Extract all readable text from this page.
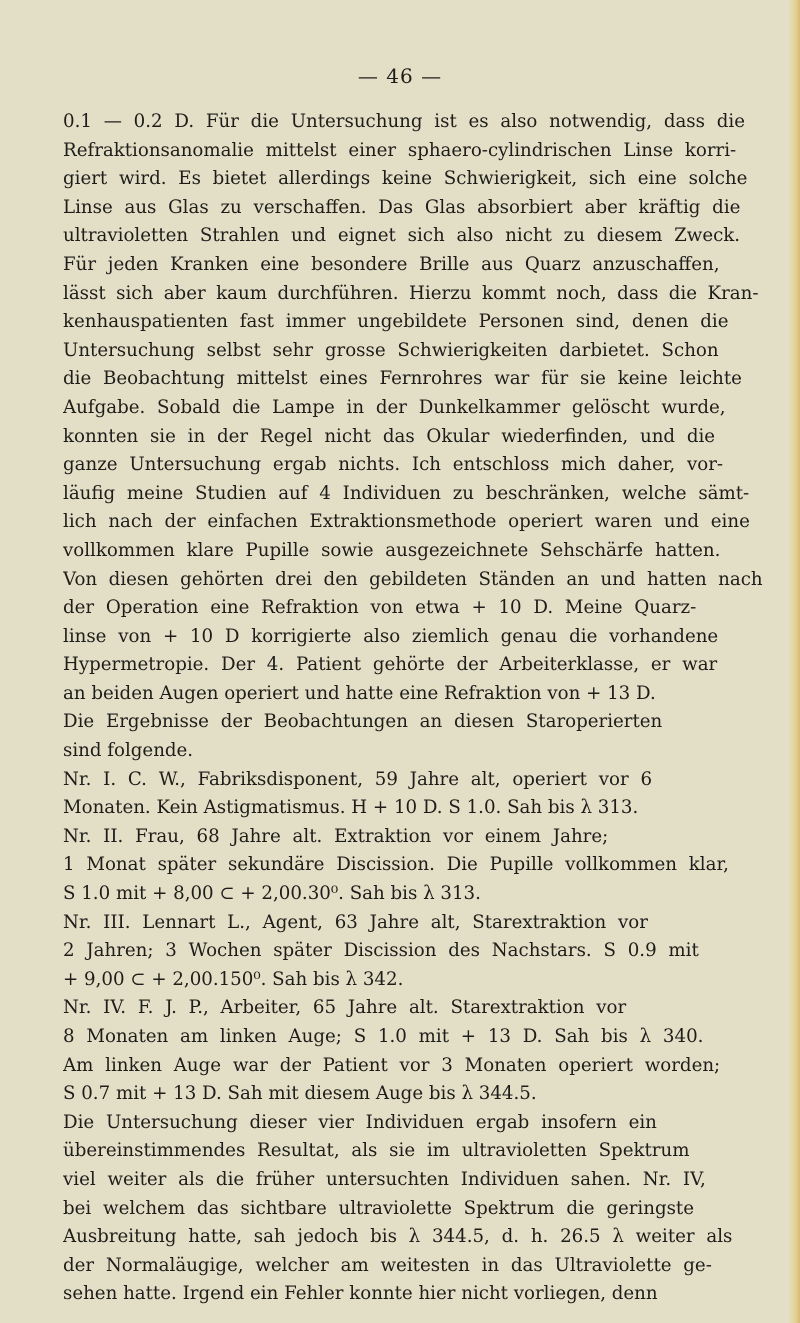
— 46 —
0.1 — 0.2 D. Für die Untersuchung ist es also notwendig, dass die
Refraktionsanomalie mittelst einer sphaero-cylindrischen Linse korri-
giert wird. Es bietet allerdings keine Schwierigkeit, sich eine solche
Linse aus Glas zu verschaffen. Das Glas absorbiert aber kräftig die
ultravioletten Strahlen und eignet sich also nicht zu diesem Zweck.
Für jeden Kranken eine besondere Brille aus Quarz anzuschaffen,
lässt sich aber kaum durchführen. Hierzu kommt noch, dass die Kran-
kenhauspatienten fast immer ungebildete Personen sind, denen die
Untersuchung selbst sehr grosse Schwierigkeiten darbietet. Schon
die Beobachtung mittelst eines Fernrohres war für sie keine leichte
Aufgabe. Sobald die Lampe in der Dunkelkammer gelöscht wurde,
konnten sie in der Regel nicht das Okular wiederfinden, und die
ganze Untersuchung ergab nichts. Ich entschloss mich daher, vor-
läufig meine Studien auf 4 Individuen zu beschränken, welche sämt-
lich nach der einfachen Extraktionsmethode operiert waren und eine
vollkommen klare Pupille sowie ausgezeichnete Sehschärfe hatten.
Von diesen gehörten drei den gebildeten Ständen an und hatten nach
der Operation eine Refraktion von etwa + 10 D. Meine Quarz-
linse von + 10 D korrigierte also ziemlich genau die vorhandene
Hypermetropie. Der 4. Patient gehörte der Arbeiterklasse, er war
an beiden Augen operiert und hatte eine Refraktion von + 13 D.
Die Ergebnisse der Beobachtungen an diesen Staroperierten
sind folgende.
Nr. I. C. W., Fabriksdisponent, 59 Jahre alt, operiert vor 6
Monaten. Kein Astigmatismus. H + 10 D. S 1.0. Sah bis λ 313.
Nr. II. Frau, 68 Jahre alt. Extraktion vor einem Jahre;
1 Monat später sekundäre Discission. Die Pupille vollkommen klar,
S 1.0 mit + 8,00 ⊂ + 2,00.30⁰. Sah bis λ 313.
Nr. III. Lennart L., Agent, 63 Jahre alt, Starextraktion vor
2 Jahren; 3 Wochen später Discission des Nachstars. S 0.9 mit
+ 9,00 ⊂ + 2,00.150⁰. Sah bis λ 342.
Nr. IV. F. J. P., Arbeiter, 65 Jahre alt. Starextraktion vor
8 Monaten am linken Auge; S 1.0 mit + 13 D. Sah bis λ 340.
Am linken Auge war der Patient vor 3 Monaten operiert worden;
S 0.7 mit + 13 D. Sah mit diesem Auge bis λ 344.5.
Die Untersuchung dieser vier Individuen ergab insofern ein
übereinstimmendes Resultat, als sie im ultravioletten Spektrum
viel weiter als die früher untersuchten Individuen sahen. Nr. IV,
bei welchem das sichtbare ultraviolette Spektrum die geringste
Ausbreitung hatte, sah jedoch bis λ 344.5, d. h. 26.5 λ weiter als
der Normaläugige, welcher am weitesten in das Ultraviolette ge-
sehen hatte. Irgend ein Fehler konnte hier nicht vorliegen, denn
